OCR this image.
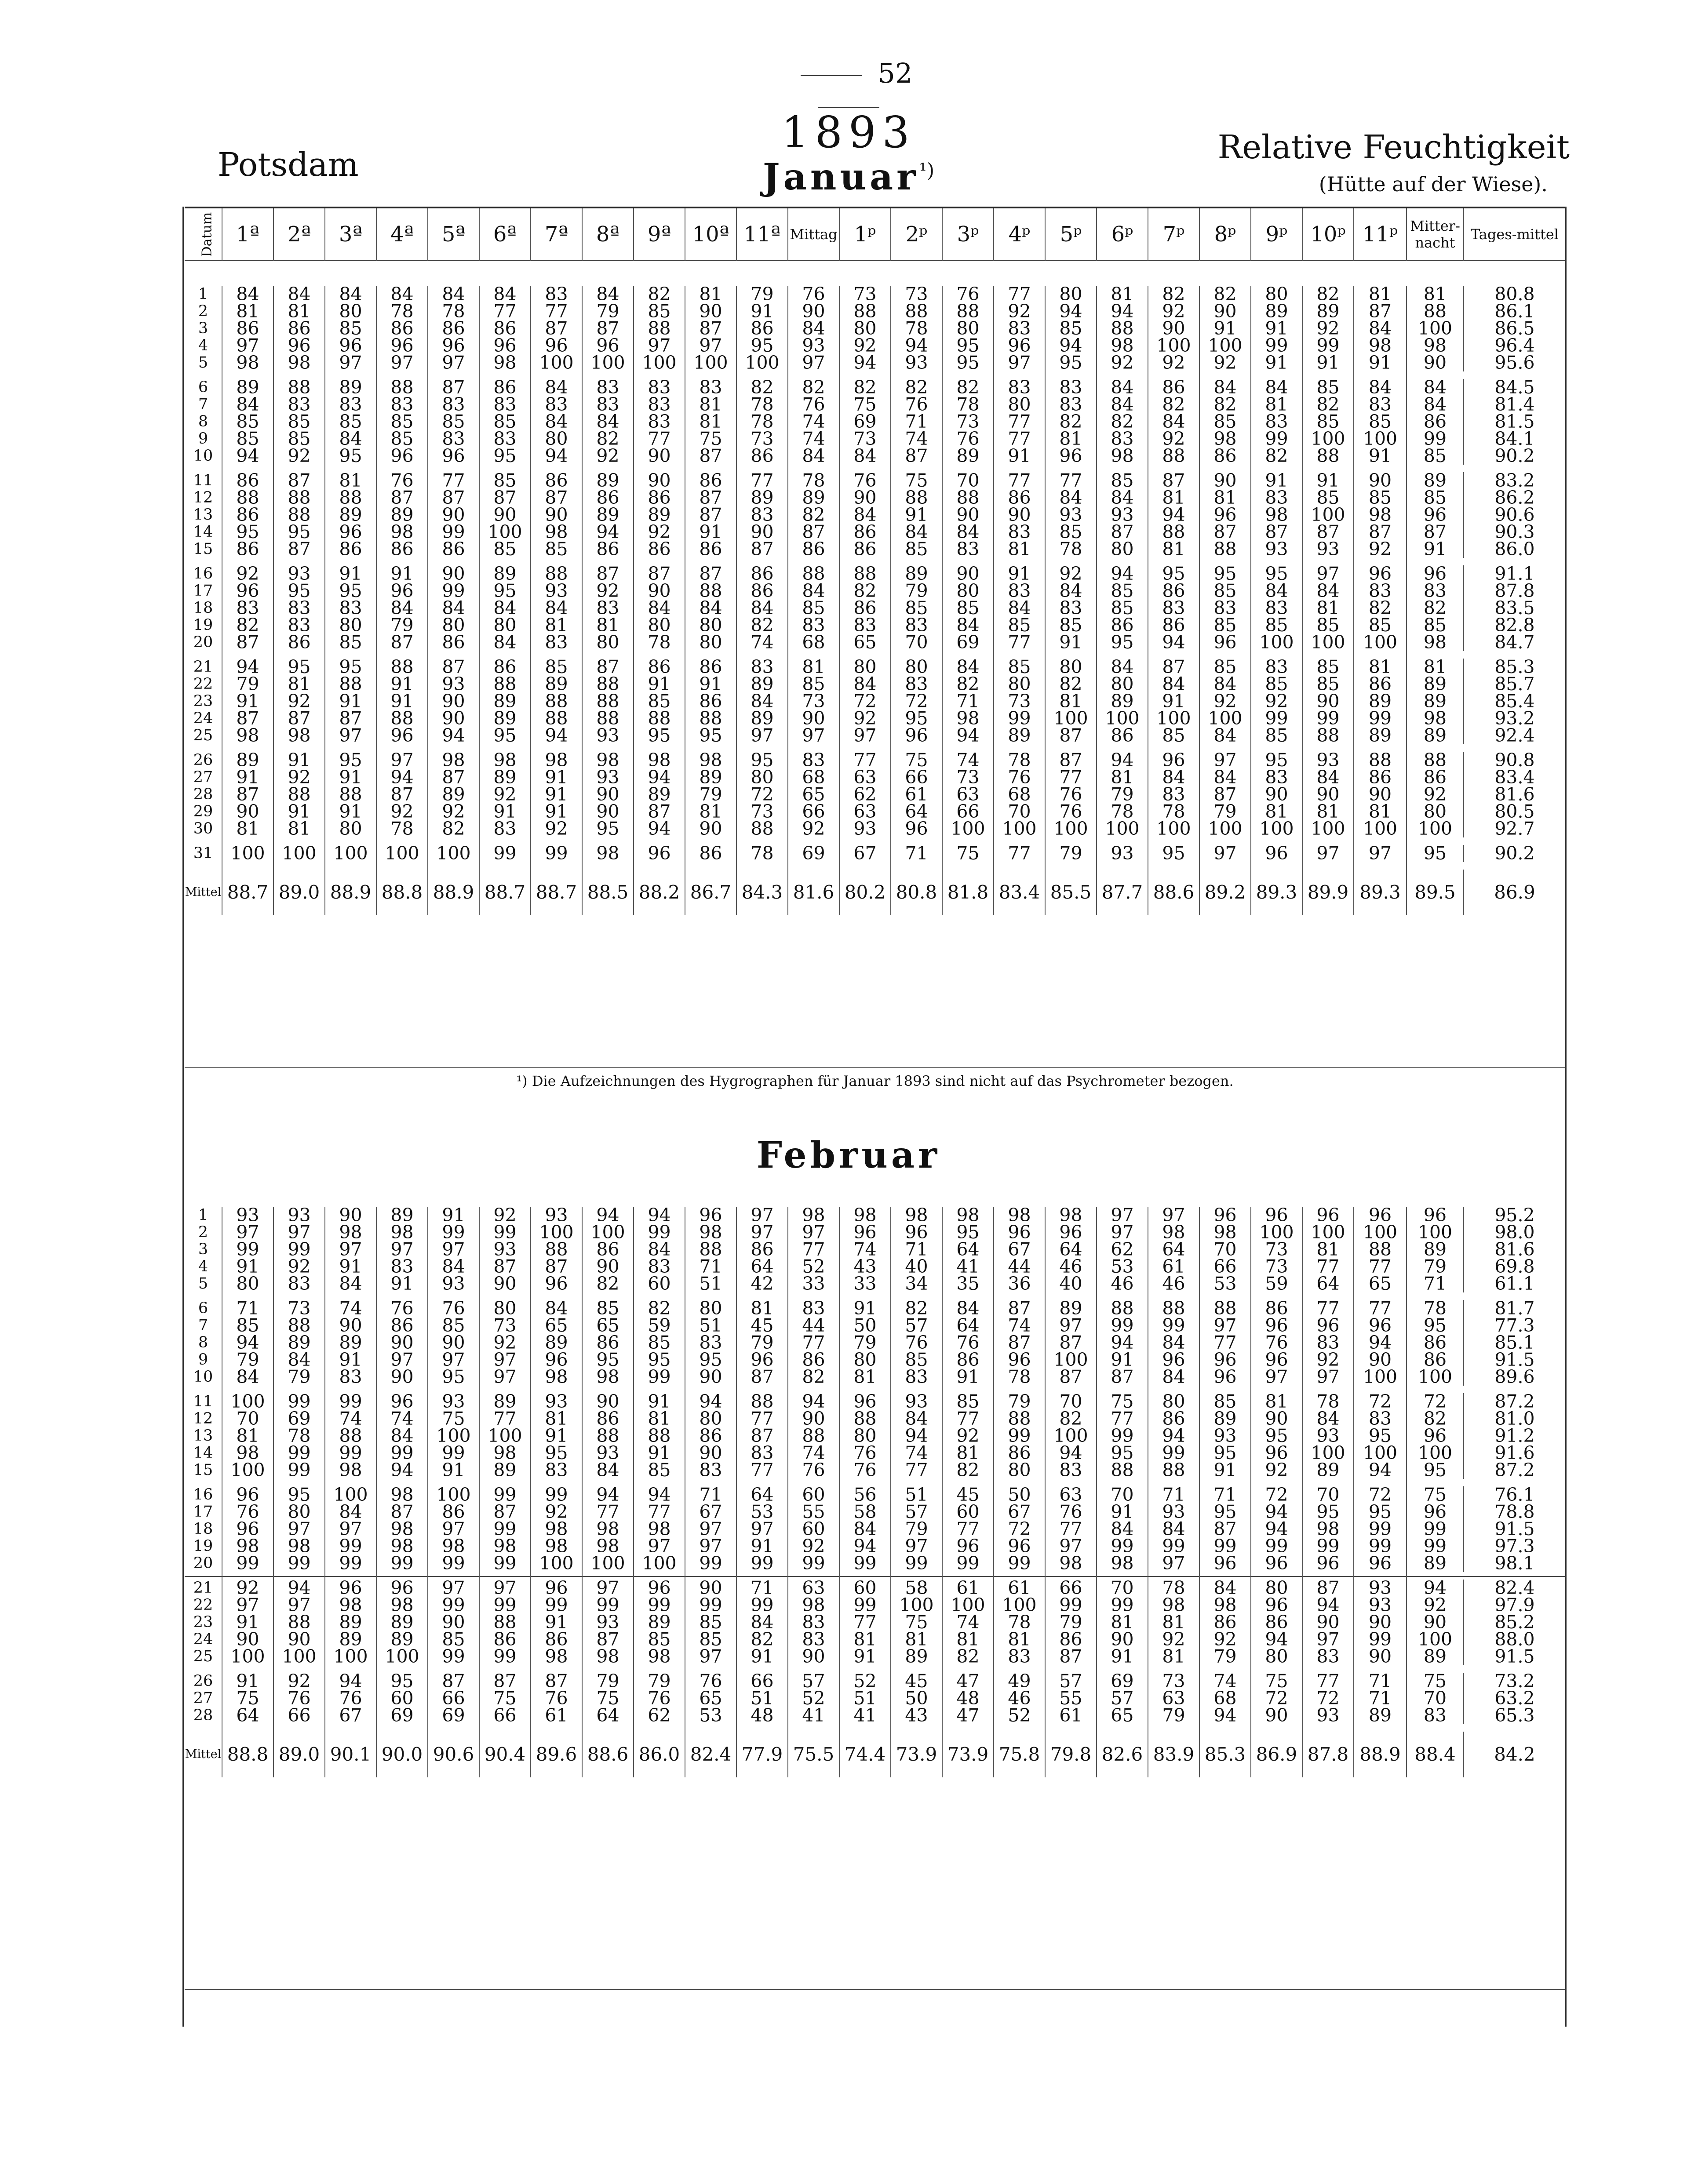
52
1893
Potsdam	Relative Feuchtigkeit
(Hütte auf der Wiese).
Januar$^{^1)}$
Februar
Datum	1ª	2ª	3ª	4ª	5ª	6ª	7ª	8ª	9ª	10ª	11ª	Mittag	1ᵖ	2ᵖ	3ᵖ	4ᵖ	5ᵖ	6ᵖ	7ᵖ	8ᵖ	9ᵖ	10ᵖ	11ᵖ	Mitter-nacht	Tages-mittel
1	84	84	84	84	84	84	83	84	82	81	79	76	73	73	76	77	80	81	82	82	80	82	81	81	80.8
2	81	81	80	78	78	77	77	79	85	90	91	90	88	88	88	92	94	94	92	90	89	89	87	88	86.1
3	86	86	85	86	86	86	87	87	88	87	86	84	80	78	80	83	85	88	90	91	91	92	84	100	86.5
4	97	96	96	96	96	96	96	96	97	97	95	93	92	94	95	96	94	98	100	100	99	99	98	98	96.4
5	98	98	97	97	97	98	100	100	100	100	100	97	94	93	95	97	95	92	92	92	91	91	91	90	95.6

6	89	88	89	88	87	86	84	83	83	83	82	82	82	82	82	83	83	84	86	84	84	85	84	84	84.5
7	84	83	83	83	83	83	83	83	83	81	78	76	75	76	78	80	83	84	82	82	81	82	83	84	81.4
8	85	85	85	85	85	85	84	84	83	81	78	74	69	71	73	77	82	82	84	85	83	85	85	86	81.5
9	85	85	84	85	83	83	80	82	77	75	73	74	73	74	76	77	81	83	92	98	99	100	100	99	84.1
10	94	92	95	96	96	95	94	92	90	87	86	84	84	87	89	91	96	98	88	86	82	88	91	85	90.2

11	86	87	81	76	77	85	86	89	90	86	77	78	76	75	70	77	77	85	87	90	91	91	90	89	83.2
12	88	88	88	87	87	87	87	86	86	87	89	89	90	88	88	86	84	84	81	81	83	85	85	85	86.2
13	86	88	89	89	90	90	90	89	89	87	83	82	84	91	90	90	93	93	94	96	98	100	98	96	90.6
14	95	95	96	98	99	100	98	94	92	91	90	87	86	84	84	83	85	87	88	87	87	87	87	87	90.3
15	86	87	86	86	86	85	85	86	86	86	87	86	86	85	83	81	78	80	81	88	93	93	92	91	86.0

16	92	93	91	91	90	89	88	87	87	87	86	88	88	89	90	91	92	94	95	95	95	97	96	96	91.1
17	96	95	95	96	99	95	93	92	90	88	86	84	82	79	80	83	84	85	86	85	84	84	83	83	87.8
18	83	83	83	84	84	84	84	83	84	84	84	85	86	85	85	84	83	85	83	83	83	81	82	82	83.5
19	82	83	80	79	80	80	81	81	80	80	82	83	83	83	84	85	85	86	86	85	85	85	85	85	82.8
20	87	86	85	87	86	84	83	80	78	80	74	68	65	70	69	77	91	95	94	96	100	100	100	98	84.7

21	94	95	95	88	87	86	85	87	86	86	83	81	80	80	84	85	80	84	87	85	83	85	81	81	85.3
22	79	81	88	91	93	88	89	88	91	91	89	85	84	83	82	80	82	80	84	84	85	85	86	89	85.7
23	91	92	91	91	90	89	88	88	85	86	84	73	72	72	71	73	81	89	91	92	92	90	89	89	85.4
24	87	87	87	88	90	89	88	88	88	88	89	90	92	95	98	99	100	100	100	100	99	99	99	98	93.2
25	98	98	97	96	94	95	94	93	95	95	97	97	97	96	94	89	87	86	85	84	85	88	89	89	92.4

26	89	91	95	97	98	98	98	98	98	98	95	83	77	75	74	78	87	94	96	97	95	93	88	88	90.8
27	91	92	91	94	87	89	91	93	94	89	80	68	63	66	73	76	77	81	84	84	83	84	86	86	83.4
28	87	88	88	87	89	92	91	90	89	79	72	65	62	61	63	68	76	79	83	87	90	90	90	92	81.6
29	90	91	91	92	92	91	91	90	87	81	73	66	63	64	66	70	76	78	78	79	81	81	81	80	80.5
30	81	81	80	78	82	83	92	95	94	90	88	92	93	96	100	100	100	100	100	100	100	100	100	100	92.7

31	100	100	100	100	100	99	99	98	96	86	78	69	67	71	75	77	79	93	95	97	96	97	97	95	90.2

Mittel	88.7	89.0	88.9	88.8	88.9	88.7	88.7	88.5	88.2	86.7	84.3	81.6	80.2	80.8	81.8	83.4	85.5	87.7	88.6	89.2	89.3	89.9	89.3	89.5	86.9
¹) Die Aufzeichnungen des Hygrographen für Januar 1893 sind nicht auf das Psychrometer bezogen.
1	93	93	90	89	91	92	93	94	94	96	97	98	98	98	98	98	98	97	97	96	96	96	96	96	95.2
2	97	97	98	98	99	99	100	100	99	98	97	97	96	96	95	96	96	97	98	98	100	100	100	100	98.0
3	99	99	97	97	97	93	88	86	84	88	86	77	74	71	64	67	64	62	64	70	73	81	88	89	81.6
4	91	92	91	83	84	87	87	90	83	71	64	52	43	40	41	44	46	53	61	66	73	77	77	79	69.8
5	80	83	84	91	93	90	96	82	60	51	42	33	33	34	35	36	40	46	46	53	59	64	65	71	61.1

6	71	73	74	76	76	80	84	85	82	80	81	83	91	82	84	87	89	88	88	88	86	77	77	78	81.7
7	85	88	90	86	85	73	65	65	59	51	45	44	50	57	64	74	97	99	99	97	96	96	96	95	77.3
8	94	89	89	90	90	92	89	86	85	83	79	77	79	76	76	87	87	94	84	77	76	83	94	86	85.1
9	79	84	91	97	97	97	96	95	95	95	96	86	80	85	86	96	100	91	96	96	96	92	90	86	91.5
10	84	79	83	90	95	97	98	98	99	90	87	82	81	83	91	78	87	87	84	96	97	97	100	100	89.6

11	100	99	99	96	93	89	93	90	91	94	88	94	96	93	85	79	70	75	80	85	81	78	72	72	87.2
12	70	69	74	74	75	77	81	86	81	80	77	90	88	84	77	88	82	77	86	89	90	84	83	82	81.0
13	81	78	88	84	100	100	91	88	88	86	87	88	80	94	92	99	100	99	94	93	95	93	95	96	91.2
14	98	99	99	99	99	98	95	93	91	90	83	74	76	74	81	86	94	95	99	95	96	100	100	100	91.6
15	100	99	98	94	91	89	83	84	85	83	77	76	76	77	82	80	83	88	88	91	92	89	94	95	87.2

16	96	95	100	98	100	99	99	94	94	71	64	60	56	51	45	50	63	70	71	71	72	70	72	75	76.1
17	76	80	84	87	86	87	92	77	77	67	53	55	58	57	60	67	76	91	93	95	94	95	95	96	78.8
18	96	97	97	98	97	99	98	98	98	97	97	60	84	79	77	72	77	84	84	87	94	98	99	99	91.5
19	98	98	99	98	98	98	98	98	97	97	91	92	94	97	96	96	97	99	99	99	99	99	99	99	97.3
20	99	99	99	99	99	99	100	100	100	99	99	99	99	99	99	99	98	98	97	96	96	96	96	89	98.1

21	92	94	96	96	97	97	96	97	96	90	71	63	60	58	61	61	66	70	78	84	80	87	93	94	82.4
22	97	97	98	98	99	99	99	99	99	99	99	98	99	100	100	100	99	99	98	98	96	94	93	92	97.9
23	91	88	89	89	90	88	91	93	89	85	84	83	77	75	74	78	79	81	81	86	86	90	90	90	85.2
24	90	90	89	89	85	86	86	87	85	85	82	83	81	81	81	81	86	90	92	92	94	97	99	100	88.0
25	100	100	100	100	99	99	98	98	98	97	91	90	91	89	82	83	87	91	81	79	80	83	90	89	91.5

26	91	92	94	95	87	87	87	79	79	76	66	57	52	45	47	49	57	69	73	74	75	77	71	75	73.2
27	75	76	76	60	66	75	76	75	76	65	51	52	51	50	48	46	55	57	63	68	72	72	71	70	63.2
28	64	66	67	69	69	66	61	64	62	53	48	41	41	43	47	52	61	65	79	94	90	93	89	83	65.3

Mittel	88.8	89.0	90.1	90.0	90.6	90.4	89.6	88.6	86.0	82.4	77.9	75.5	74.4	73.9	73.9	75.8	79.8	82.6	83.9	85.3	86.9	87.8	88.9	88.4	84.2
